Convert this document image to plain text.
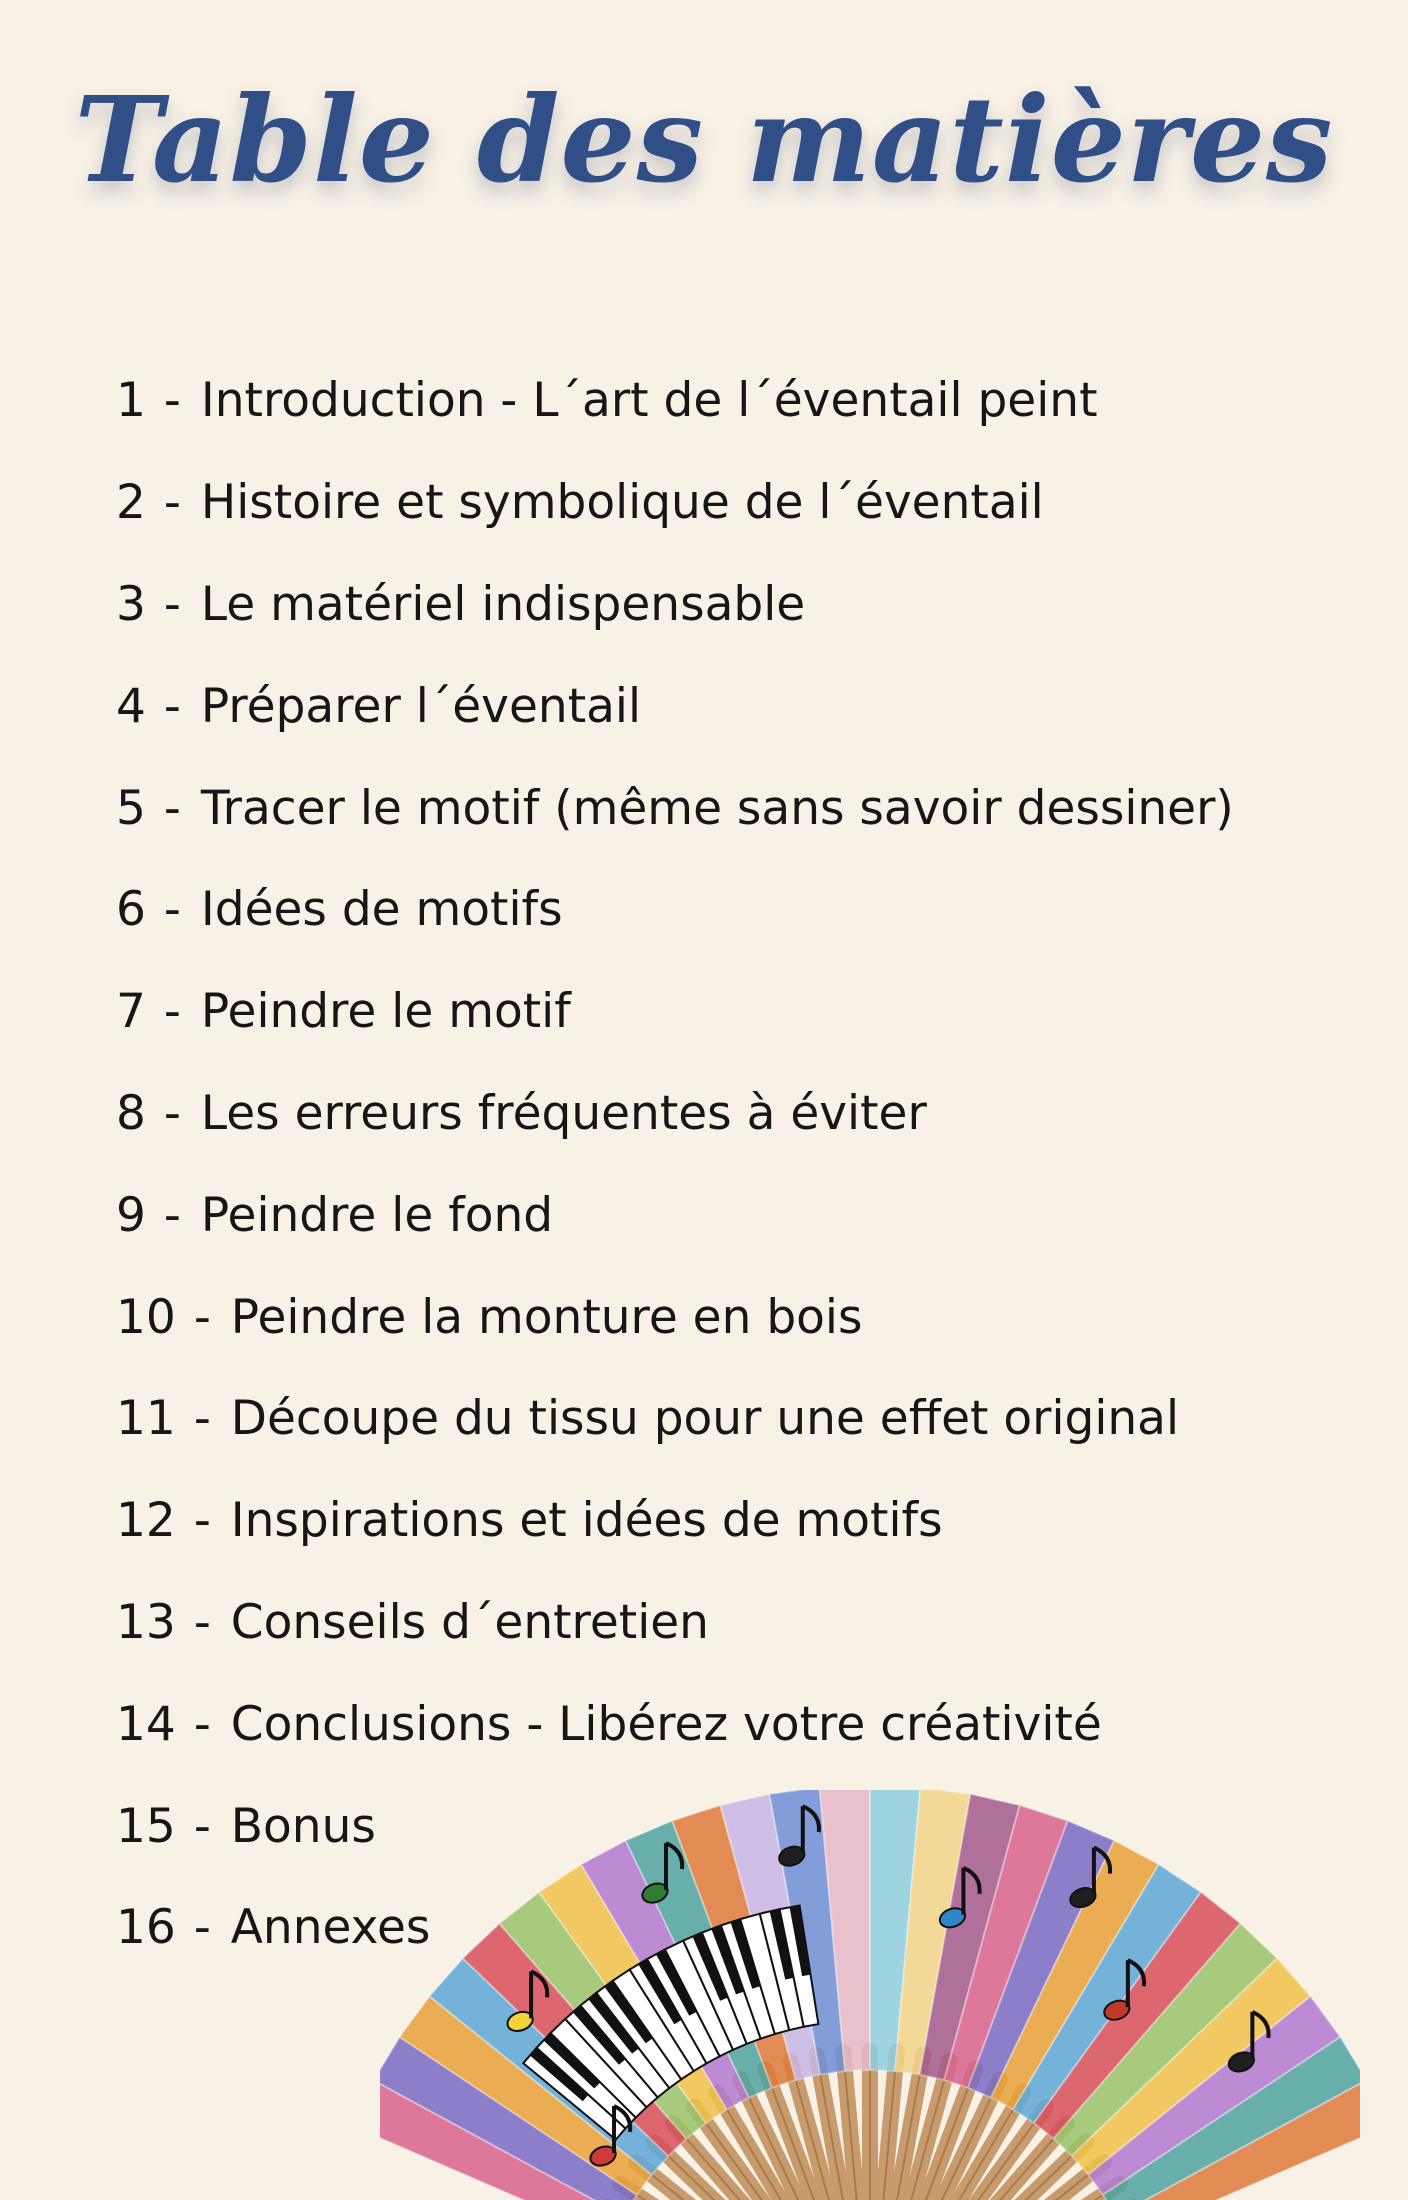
Table des matières
1 - Introduction - L´art de l´éventail peint
2 - Histoire et symbolique de l´éventail
3 - Le matériel indispensable
4 - Préparer l´éventail
5 - Tracer le motif (même sans savoir dessiner)
6 - Idées de motifs
7 - Peindre le motif
8 - Les erreurs fréquentes à éviter
9 - Peindre le fond
10 - Peindre la monture en bois
11 - Découpe du tissu pour une effet original
12 - Inspirations et idées de motifs
13 - Conseils d´entretien
14 - Conclusions - Libérez votre créativité
15 - Bonus
16 - Annexes
